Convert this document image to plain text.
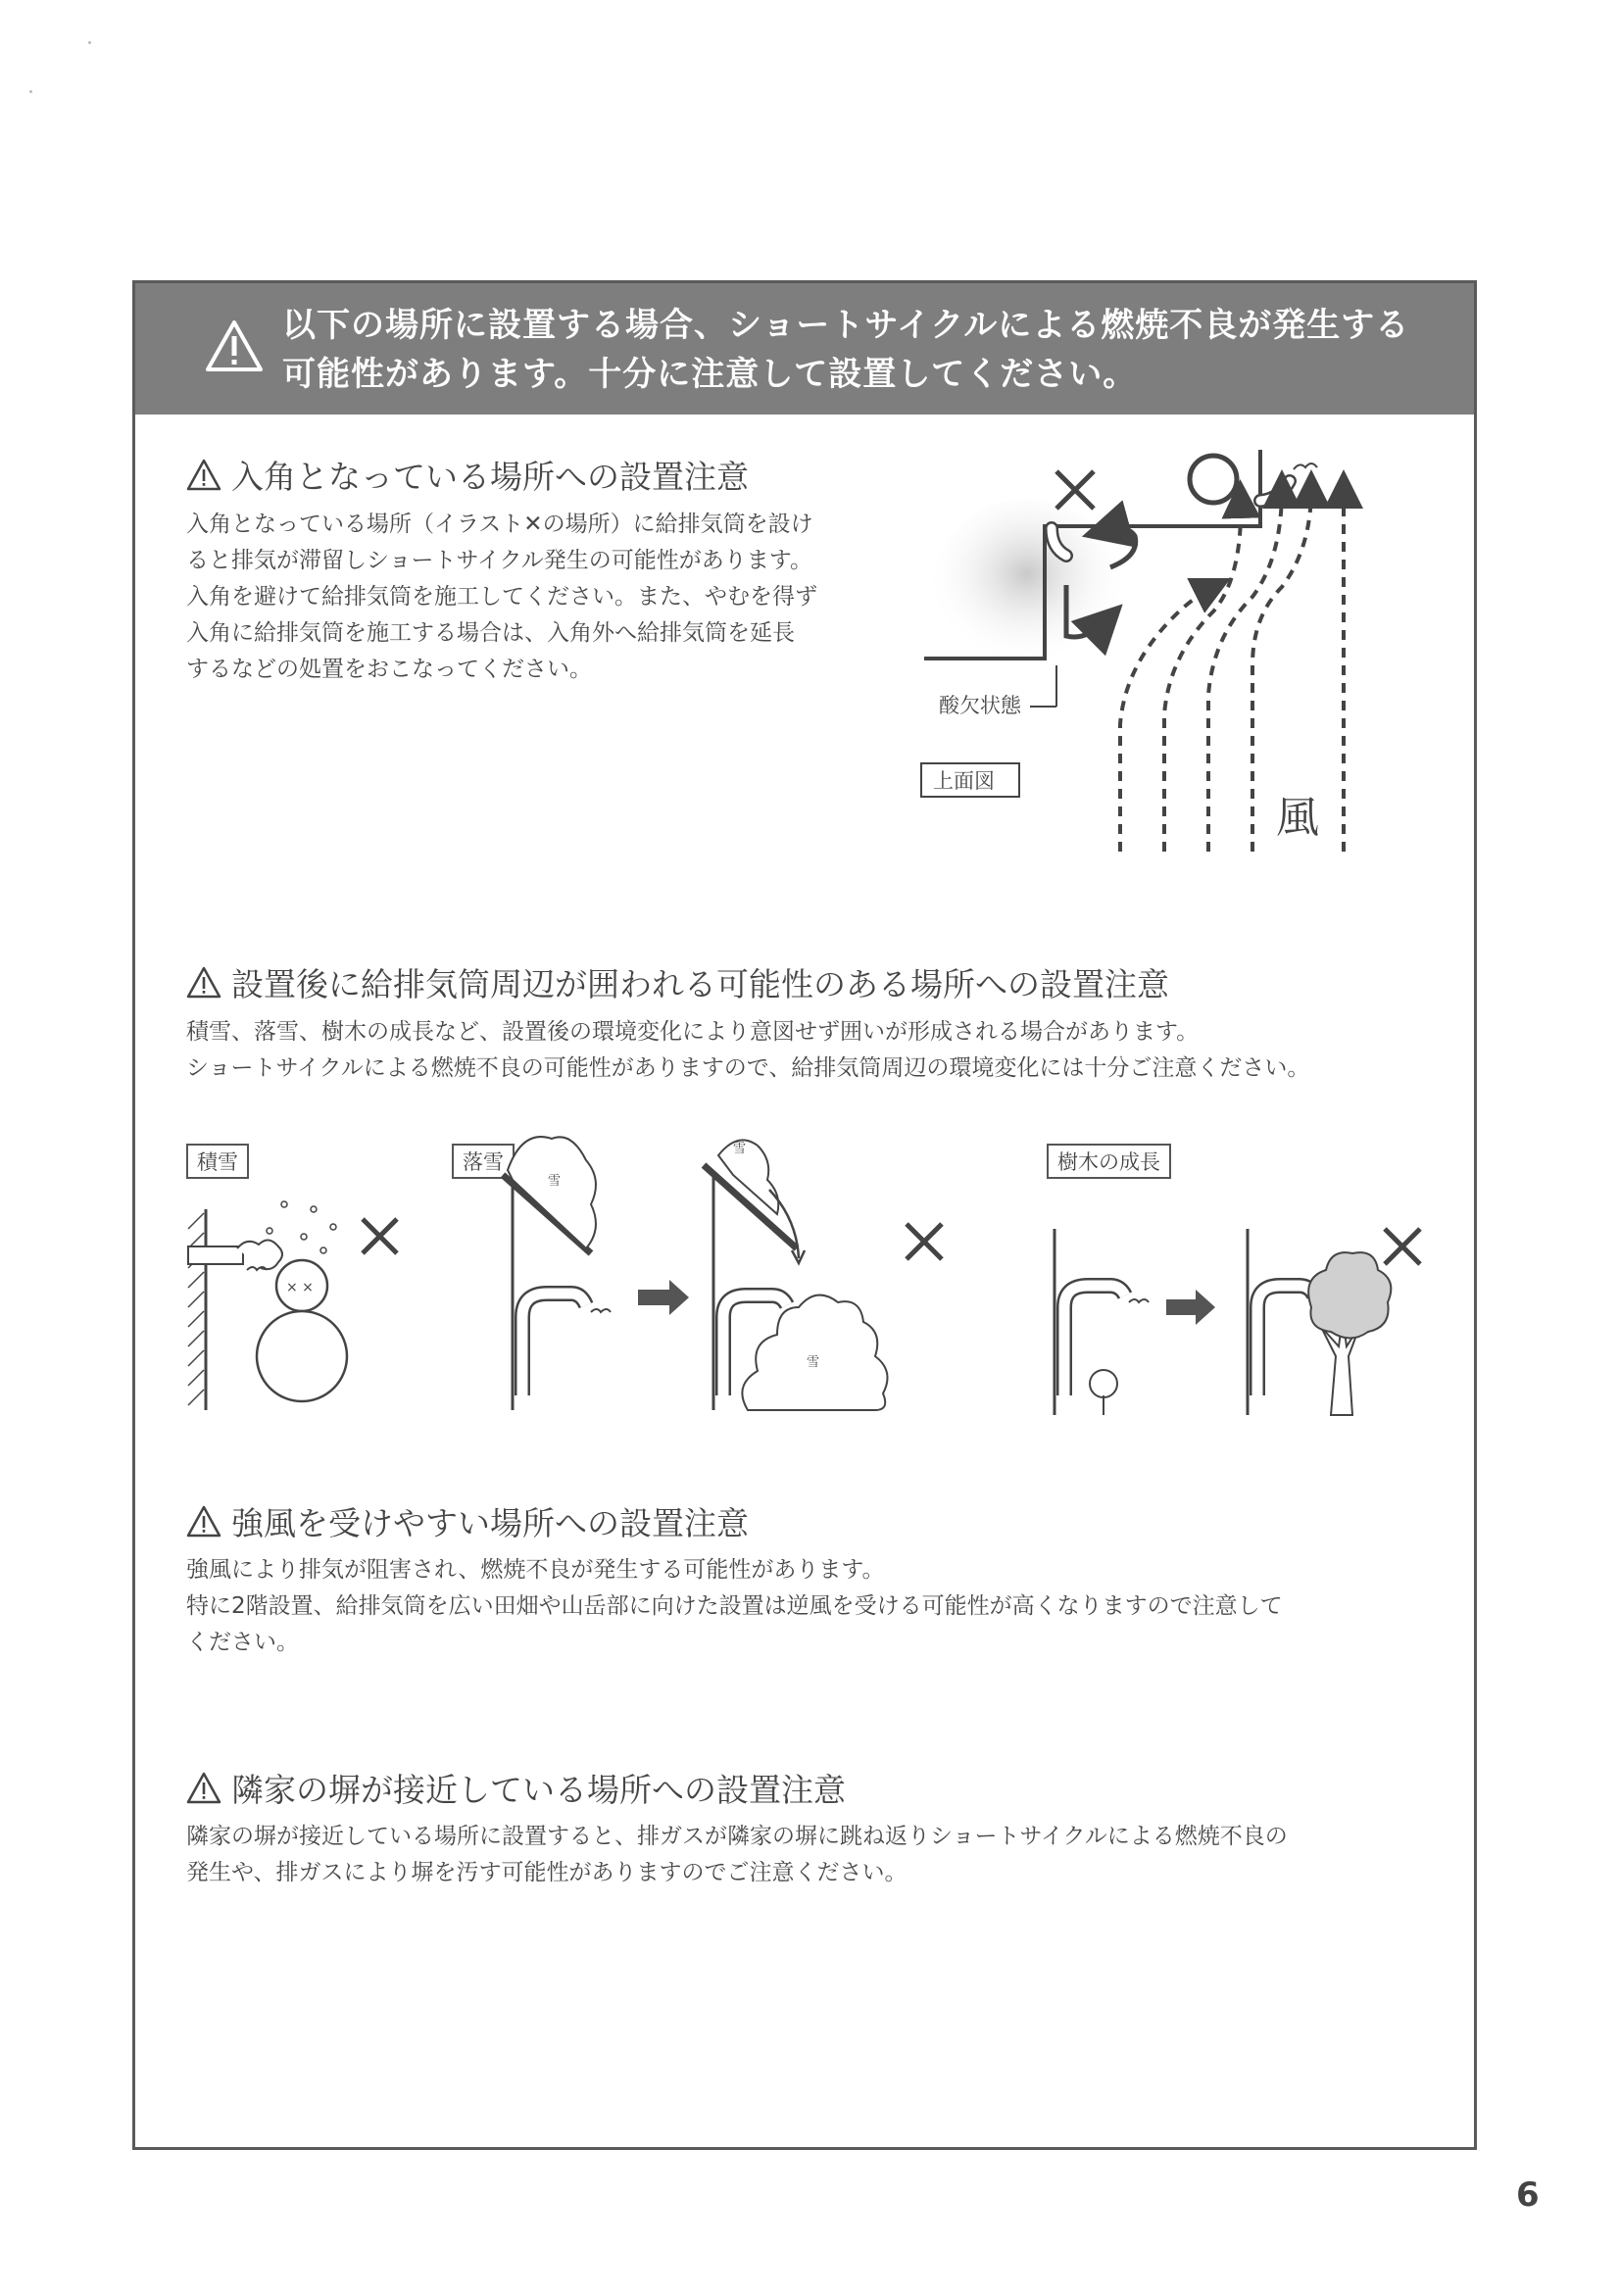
以下の場所に設置する場合、ショートサイクルによる燃焼不良が発生する
可能性があります。十分に注意して設置してください。
入角となっている場所への設置注意
入角となっている場所（イラスト✕の場所）に給排気筒を設け
ると排気が滞留しショートサイクル発生の可能性があります。
入角を避けて給排気筒を施工してください。また、やむを得ず
入角に給排気筒を施工する場合は、入角外へ給排気筒を延長
するなどの処置をおこなってください。
酸欠状態
上面図
風
設置後に給排気筒周辺が囲われる可能性のある場所への設置注意
積雪、落雪、樹木の成長など、設置後の環境変化により意図せず囲いが形成される場合があります。
ショートサイクルによる燃焼不良の可能性がありますので、給排気筒周辺の環境変化には十分ご注意ください。
積雪	落雪	樹木の成長
× ×
雪
雪
雪
強風を受けやすい場所への設置注意
強風により排気が阻害され、燃焼不良が発生する可能性があります。
特に2階設置、給排気筒を広い田畑や山岳部に向けた設置は逆風を受ける可能性が高くなりますので注意して
ください。
隣家の塀が接近している場所への設置注意
隣家の塀が接近している場所に設置すると、排ガスが隣家の塀に跳ね返りショートサイクルによる燃焼不良の
発生や、排ガスにより塀を汚す可能性がありますのでご注意ください。
6
